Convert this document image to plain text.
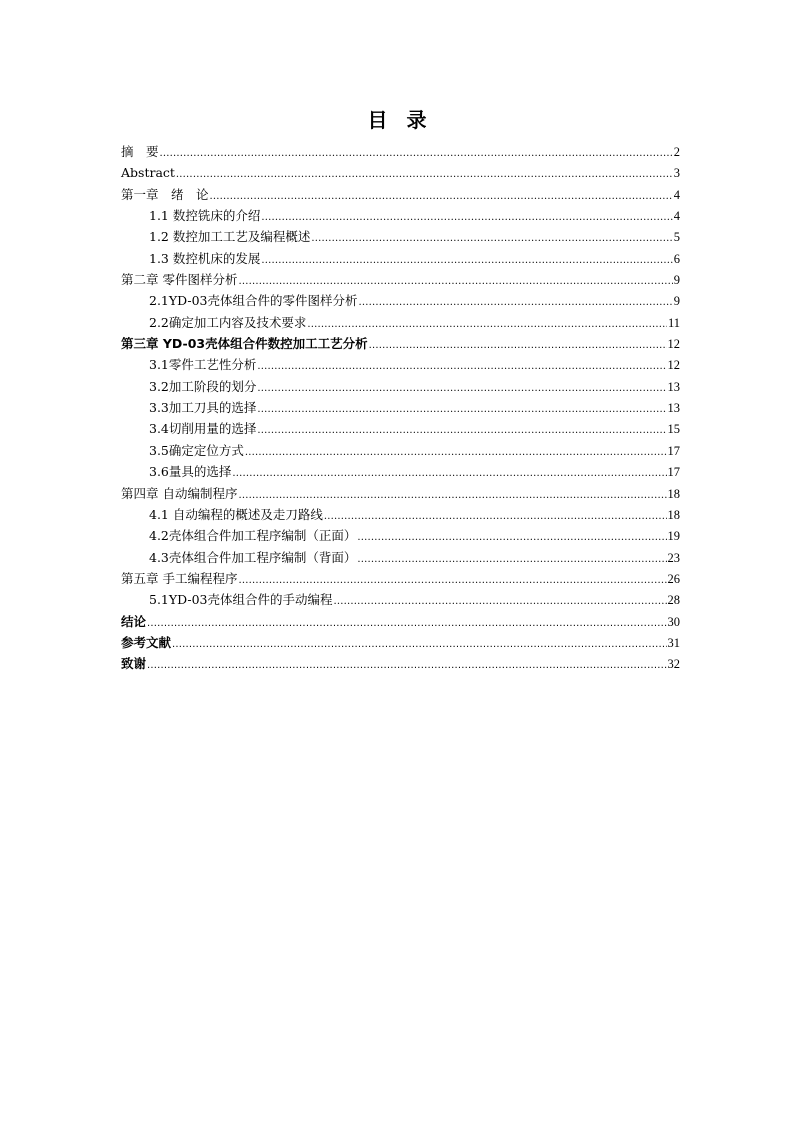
目 录
摘　要 .....	2
Abstract .....	3
第一章　绪　论 .....	4
1.1 数控铣床的介绍 .....	4
1.2 数控加工工艺及编程概述 .....	5
1.3 数控机床的发展 .....	6
第二章 零件图样分析 .....	9
2.1YD-03壳体组合件的零件图样分析 .....	9
2.2确定加工内容及技术要求 .....	11
第三章 YD-03壳体组合件数控加工工艺分析 .....	12
3.1零件工艺性分析 .....	12
3.2加工阶段的划分 .....	13
3.3加工刀具的选择 .....	13
3.4切削用量的选择 .....	15
3.5确定定位方式 .....	17
3.6量具的选择 .....	17
第四章 自动编制程序 .....	18
4.1 自动编程的概述及走刀路线 .....	18
4.2壳体组合件加工程序编制（正面） .....	19
4.3壳体组合件加工程序编制（背面） .....	23
第五章 手工编程程序 .....	26
5.1YD-03壳体组合件的手动编程 .....	28
结论 .....	30
参考文献 .....	31
致谢 .....	32
